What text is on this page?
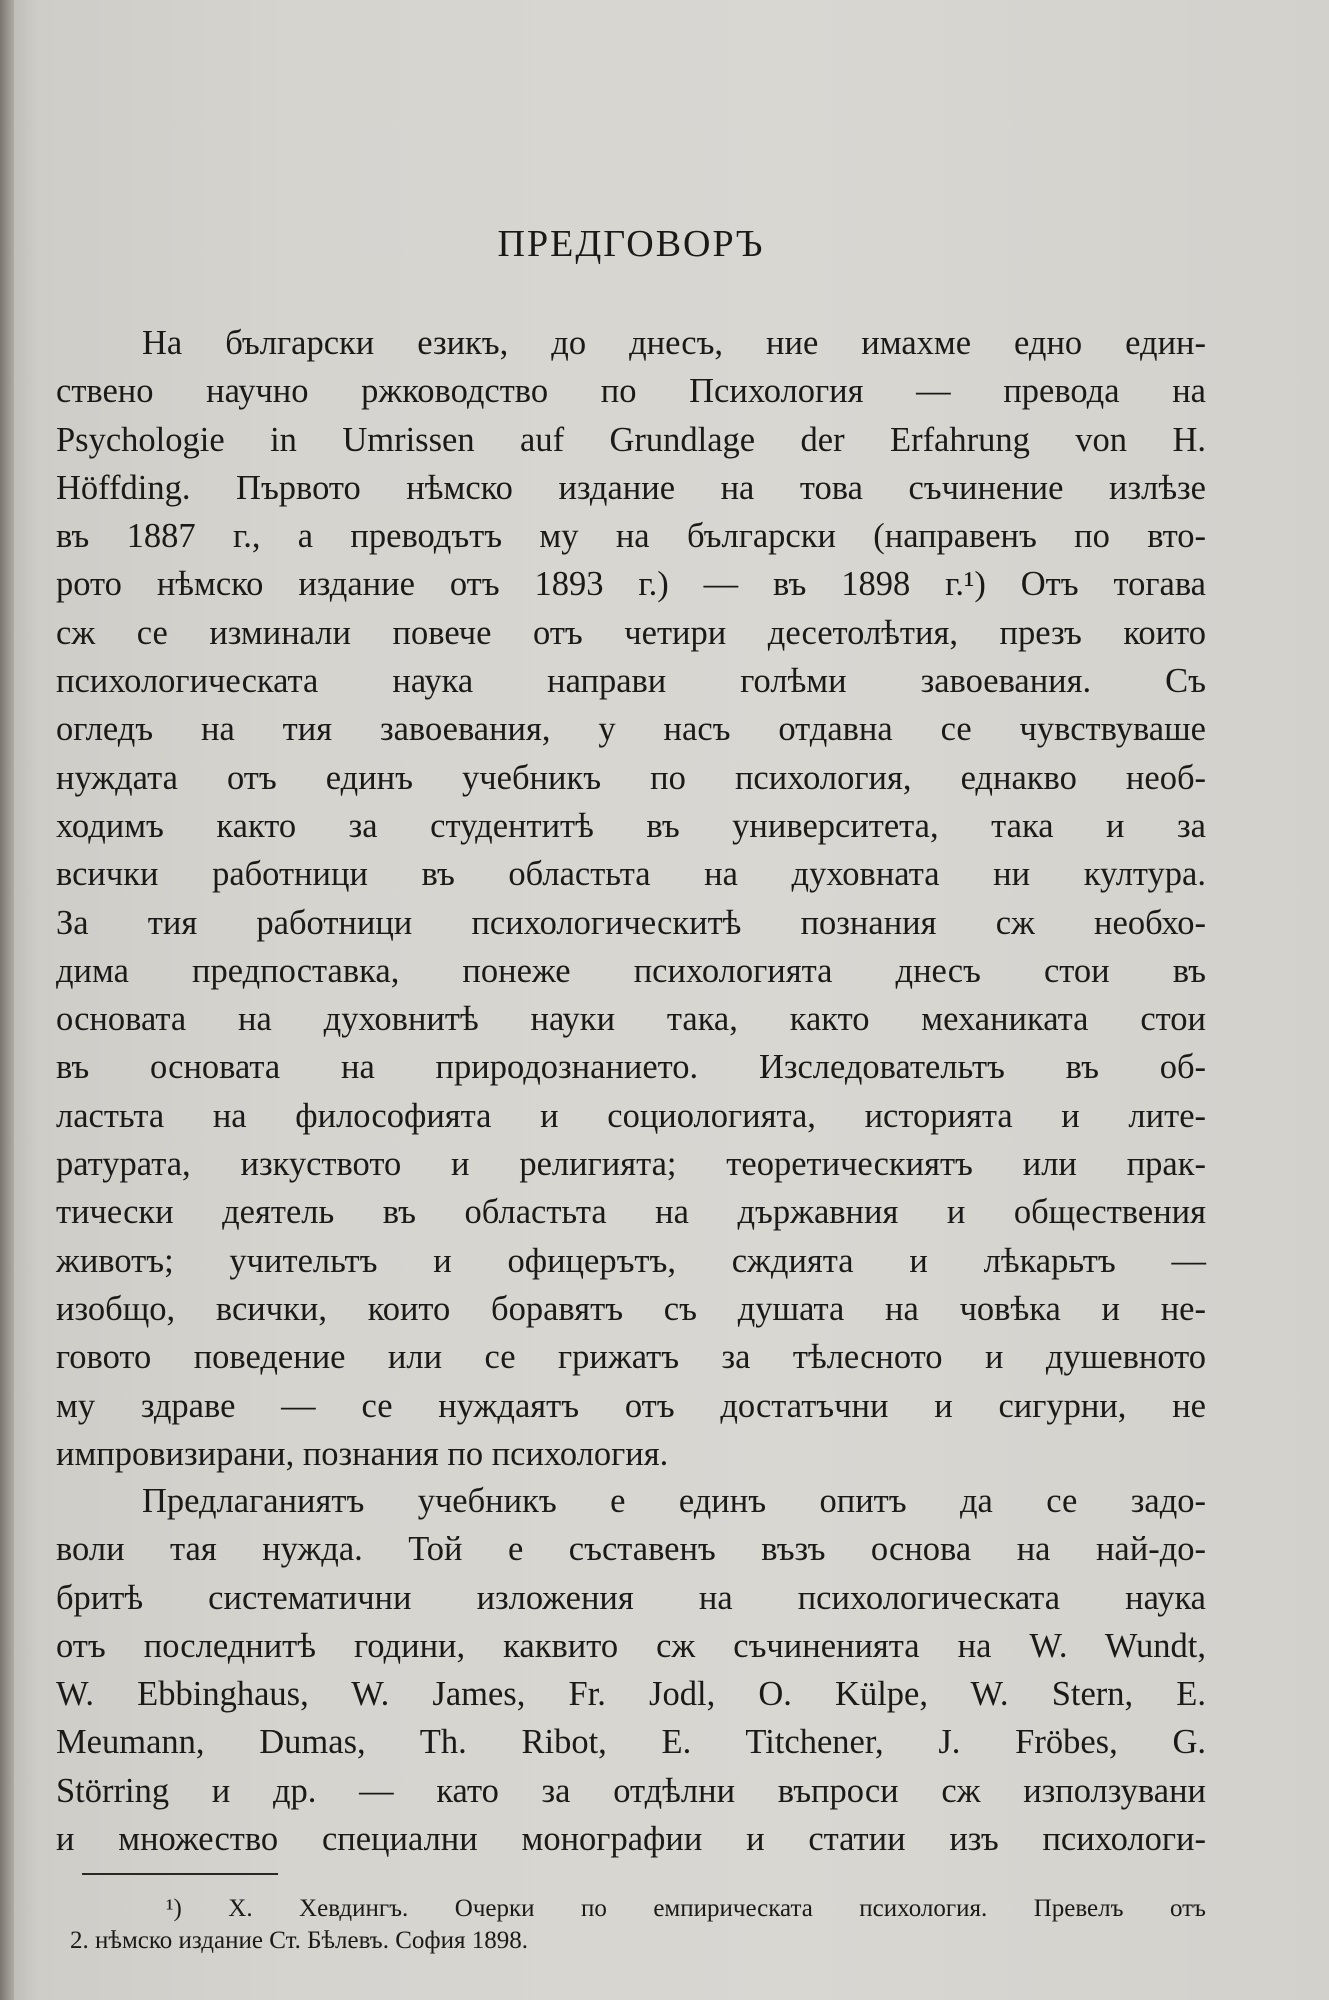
ПРЕДГОВОРЪ
На български езикъ, до днесъ, ние имахме едно един-
ствено научно ржководство по Психология — превода на
Psychologie in Umrissen auf Grundlage der Erfahrung von H.
Höffding. Първото нѣмско издание на това съчинение излѣзе
въ 1887 г., а преводътъ му на български (направенъ по вто-
рото нѣмско издание отъ 1893 г.) — въ 1898 г.¹) Отъ тогава
сж се изминали повече отъ четири десетолѣтия, презъ които
психологическата наука направи голѣми завоевания. Съ
огледъ на тия завоевания, у насъ отдавна се чувствуваше
нуждата отъ единъ учебникъ по психология, еднакво необ-
ходимъ както за студентитѣ въ университета, така и за
всички работници въ областьта на духовната ни култура.
За тия работници психологическитѣ познания сж необхо-
дима предпоставка, понеже психологията днесъ стои въ
основата на духовнитѣ науки така, както механиката стои
въ основата на природознанието. Изследовательтъ въ об-
ластьта на философията и социологията, историята и лите-
ратурата, изкуството и религията; теоретическиятъ или прак-
тически деятель въ областьта на държавния и обществения
животъ; учительтъ и офицерътъ, сждията и лѣкарьтъ —
изобщо, всички, които боравятъ съ душата на човѣка и не-
говото поведение или се грижатъ за тѣлесното и душевното
му здраве — се нуждаятъ отъ достатъчни и сигурни, не
импровизирани, познания по психология.
Предлаганиятъ учебникъ е единъ опитъ да се задо-
воли тая нужда. Той е съставенъ възъ основа на най-до-
бритѣ систематични изложения на психологическата наука
отъ последнитѣ години, каквито сж съчиненията на W. Wundt,
W. Ebbinghaus, W. James, Fr. Jodl, O. Külpe, W. Stern, E.
Meumann, Dumas, Th. Ribot, E. Titchener, J. Fröbes, G.
Störring и др. — като за отдѣлни въпроси сж използувани
и множество специални монографии и статии изъ психологи-
¹) Х. Хевдингъ. Очерки по емпирическата психология. Превелъ отъ
2. нѣмско издание Ст. Бѣлевъ. София 1898.
